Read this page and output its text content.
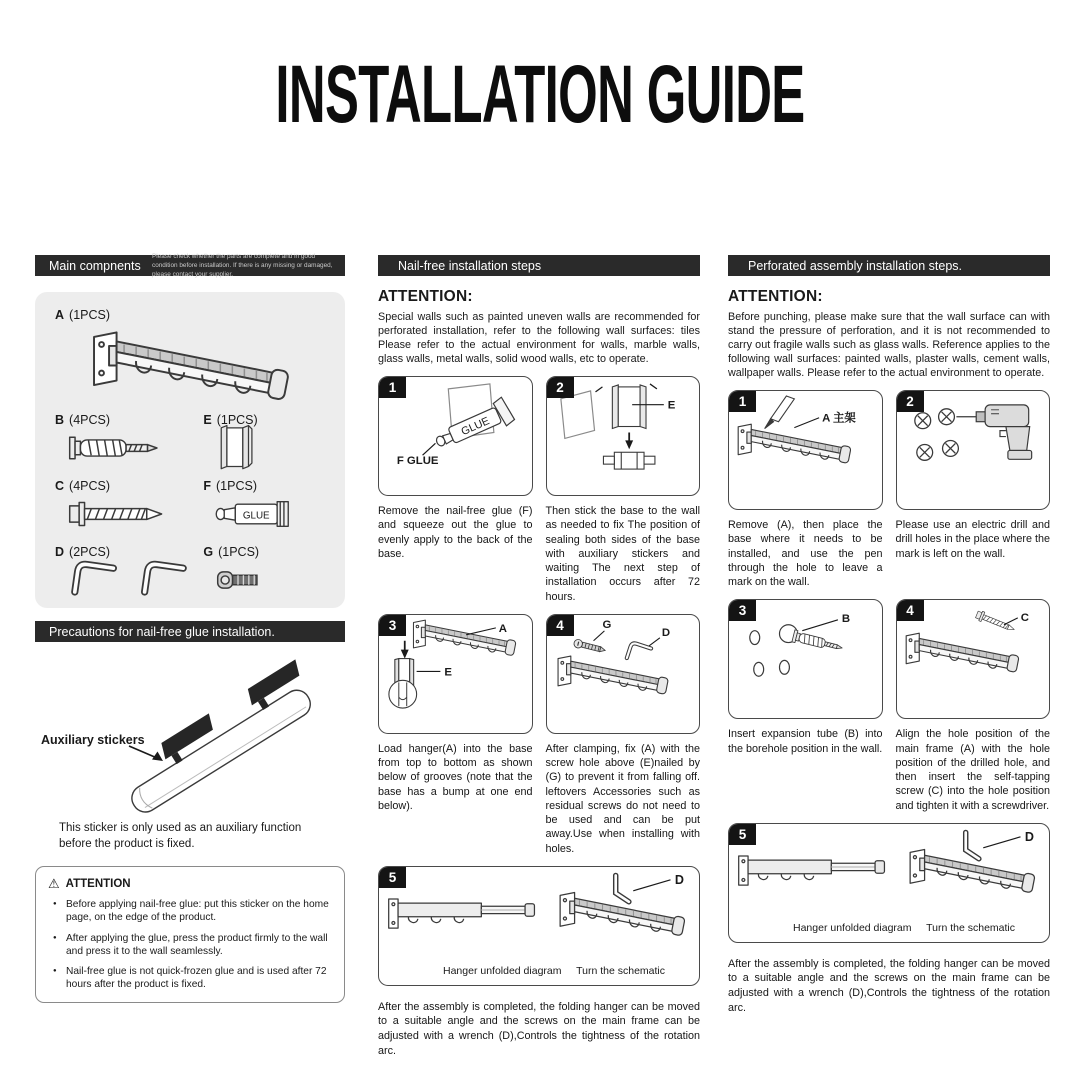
INSTALLATION GUIDE
Main compnents
Please check whether the parts are complete and in good condition before installation. If there is any missing or damaged, please contact your supplier.
A (1PCS)
B (4PCS)	E (1PCS)
C (4PCS)	F (1PCS)
GLUE
D (2PCS)	G (1PCS)
Precautions for nail-free glue installation.
Auxiliary stickers
This sticker is only used as an auxiliary function before the product is fixed.
⚠ ATTENTION
● Before applying nail-free glue: put this sticker on the home page, on the edge of the product.
● After applying the glue, press the product firmly to the wall and press it to the wall seamlessly.
● Nail-free glue is not quick-frozen glue and is used after 72 hours after the product is fixed.
Nail-free installation steps
ATTENTION:
Special walls such as painted uneven walls are recommended for perforated installation, refer to the following wall surfaces: tiles Please refer to the actual environment for walls, marble walls, glass walls, metal walls, solid wood walls, etc to operate.
1
GLUE
F GLUE
Remove the nail-free glue (F) and squeeze out the glue to evenly apply to the back of the base.
2
E
Then stick the base to the wall as needed to fix The position of sealing both sides of the base with auxiliary stickers and waiting The next step of installation occurs after 72 hours.
3	A
E
Load hanger(A) into the base from top to bottom as shown below of grooves (note that the base has a bump at one end below).
4	G
D
After clamping, fix (A) with the screw hole above (E)nailed by (G) to prevent it from falling off. leftovers Accessories such as residual screws do not need to be used and can be put away.Use when installing with holes.
5	D
Hanger unfolded diagram Turn the schematic
After the assembly is completed, the folding hanger can be moved to a suitable angle and the screws on the main frame can be adjusted with a wrench (D),Controls the tightness of the rotation arc.
Perforated assembly installation steps.
ATTENTION:
Before punching, please make sure that the wall surface can with stand the pressure of perforation, and it is not recommended to carry out fragile walls such as glass walls. Reference applies to the following wall surfaces: painted walls, plaster walls, cement walls, wallpaper walls. Please refer to the actual environment to operate.
1
A 主架
Remove (A), then place the base where it needs to be installed, and use the pen through the hole to leave a mark on the wall.
2
Please use an electric drill and drill holes in the place where the mark is left on the wall.
3
B
Insert expansion tube (B) into the borehole position in the wall.
4	C
Align the hole position of the main frame (A) with the hole position of the drilled hole, and then insert the self-tapping screw (C) into the hole position and tighten it with a screwdriver.
5	D
Hanger unfolded diagram Turn the schematic
After the assembly is completed, the folding hanger can be moved to a suitable angle and the screws on the main frame can be adjusted with a wrench (D),Controls the tightness of the rotation arc.
